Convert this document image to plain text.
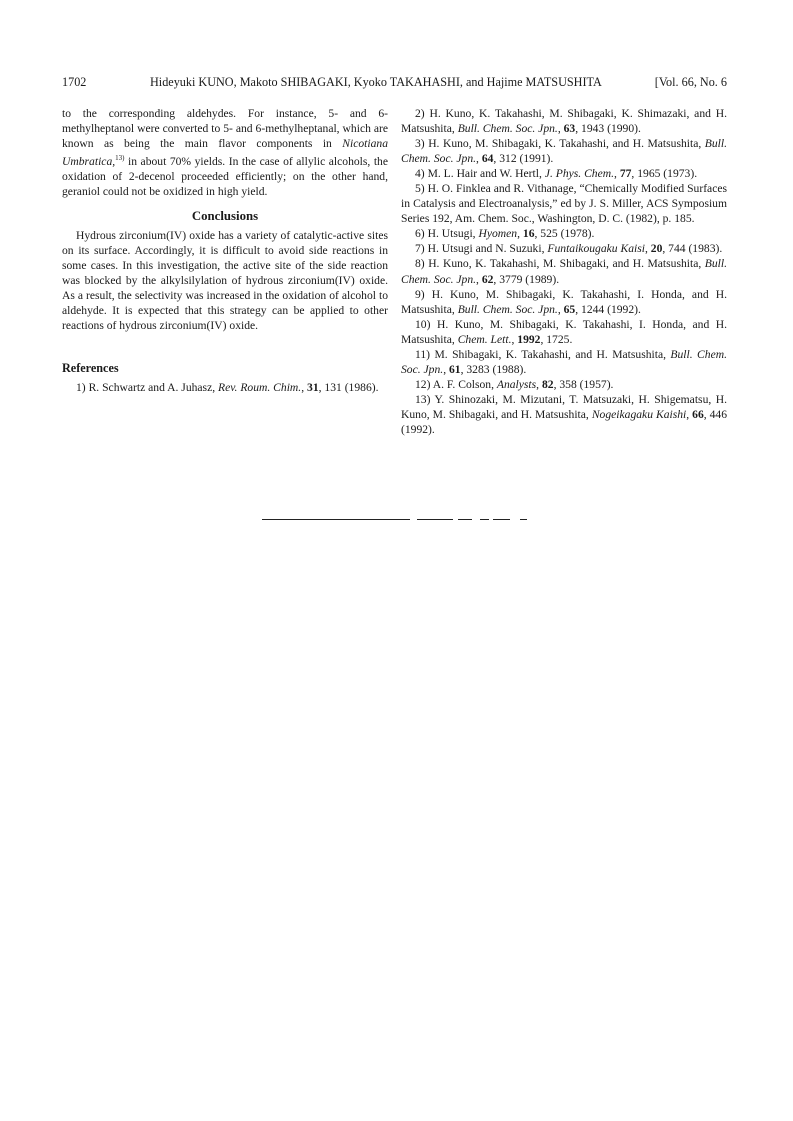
1702	Hideyuki KUNO, Makoto SHIBAGAKI, Kyoko TAKAHASHI, and Hajime MATSUSHITA	[Vol. 66, No. 6

to the corresponding aldehydes. For instance, 5- and 6-methylheptanol were converted to 5- and 6-methylheptanal, which are known as being the main flavor components in Nicotiana Umbratica,$^{13)}$ in about 70% yields. In the case of allylic alcohols, the oxidation of 2-decenol proceeded efficiently; on the other hand, geraniol could not be oxidized in high yield.

Conclusions

Hydrous zirconium(IV) oxide has a variety of catalytic-active sites on its surface. Accordingly, it is difficult to avoid side reactions in some cases. In this investigation, the active site of the side reaction was blocked by the alkylsilylation of hydrous zirconium(IV) oxide. As a result, the selectivity was increased in the oxidation of alcohol to aldehyde. It is expected that this strategy can be applied to other reactions of hydrous zirconium(IV) oxide.

References

1) R. Schwartz and A. Juhasz, Rev. Roum. Chim., 31, 131 (1986).

2) H. Kuno, K. Takahashi, M. Shibagaki, K. Shimazaki, and H. Matsushita, Bull. Chem. Soc. Jpn., 63, 1943 (1990).

3) H. Kuno, M. Shibagaki, K. Takahashi, and H. Matsushita, Bull. Chem. Soc. Jpn., 64, 312 (1991).

4) M. L. Hair and W. Hertl, J. Phys. Chem., 77, 1965 (1973).

5) H. O. Finklea and R. Vithanage, “Chemically Modified Surfaces in Catalysis and Electroanalysis,” ed by J. S. Miller, ACS Symposium Series 192, Am. Chem. Soc., Washington, D. C. (1982), p. 185.

6) H. Utsugi, Hyomen, 16, 525 (1978).

7) H. Utsugi and N. Suzuki, Funtaikougaku Kaisi, 20, 744 (1983).

8) H. Kuno, K. Takahashi, M. Shibagaki, and H. Matsushita, Bull. Chem. Soc. Jpn., 62, 3779 (1989).

9) H. Kuno, M. Shibagaki, K. Takahashi, I. Honda, and H. Matsushita, Bull. Chem. Soc. Jpn., 65, 1244 (1992).

10) H. Kuno, M. Shibagaki, K. Takahashi, I. Honda, and H. Matsushita, Chem. Lett., 1992, 1725.

11) M. Shibagaki, K. Takahashi, and H. Matsushita, Bull. Chem. Soc. Jpn., 61, 3283 (1988).

12) A. F. Colson, Analysts, 82, 358 (1957).

13) Y. Shinozaki, M. Mizutani, T. Matsuzaki, H. Shigematsu, H. Kuno, M. Shibagaki, and H. Matsushita, Nogeikagaku Kaishi, 66, 446 (1992).
